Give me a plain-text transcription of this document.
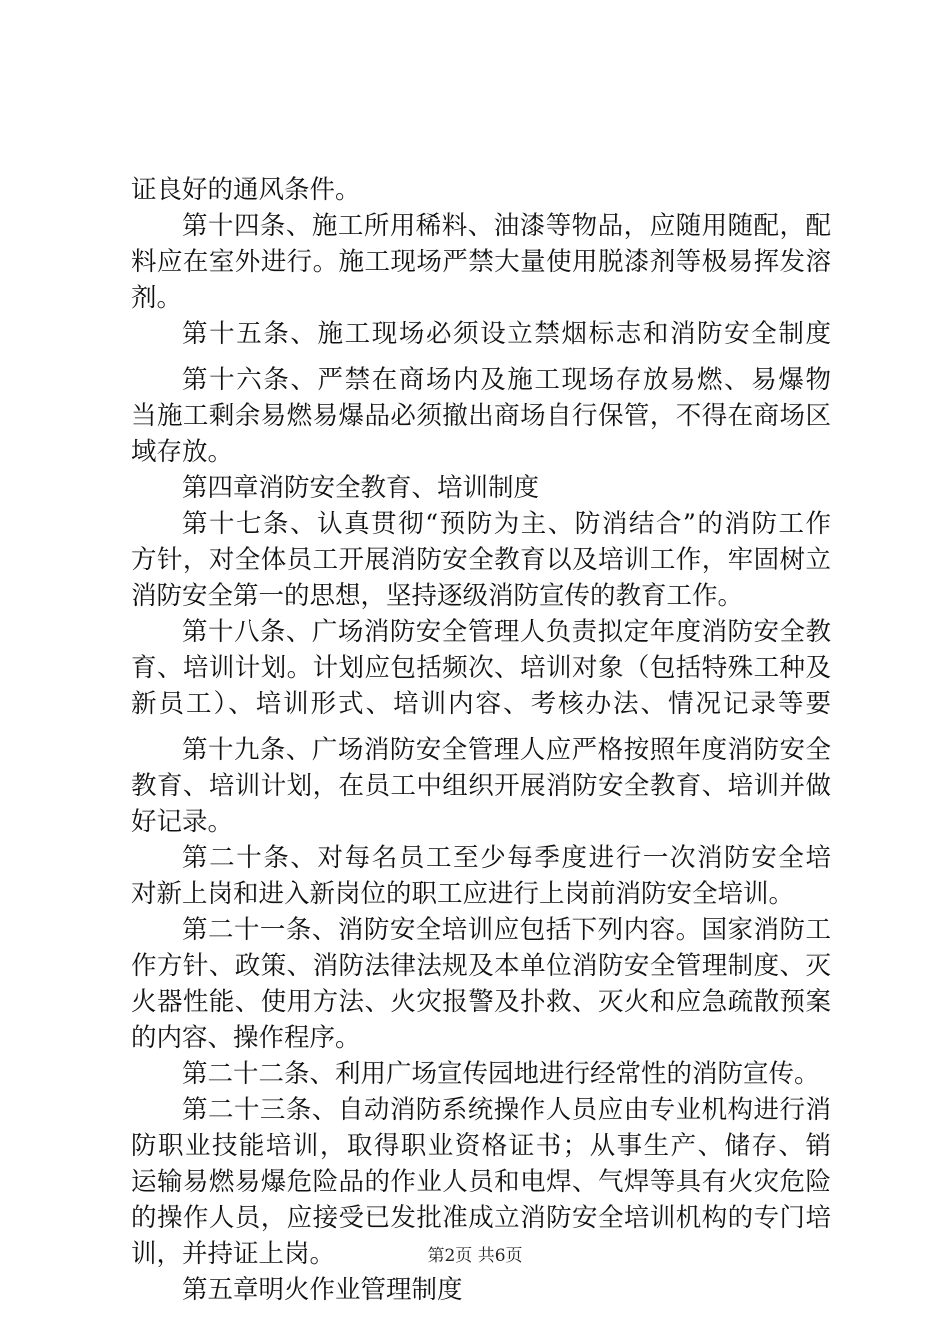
证良好的通风条件。
第十四条、施工所用稀料、油漆等物品，应随用随配，配
料应在室外进行。施工现场严禁大量使用脱漆剂等极易挥发溶
剂。
第十五条、施工现场必须设立禁烟标志和消防安全制度
第十六条、严禁在商场内及施工现场存放易燃、易爆物
当施工剩余易燃易爆品必须撤出商场自行保管，不得在商场区
域存放。
第四章消防安全教育、培训制度
第十七条、认真贯彻“预防为主、防消结合”的消防工作
方针，对全体员工开展消防安全教育以及培训工作，牢固树立
消防安全第一的思想，坚持逐级消防宣传的教育工作。
第十八条、广场消防安全管理人负责拟定年度消防安全教
育、培训计划。计划应包括频次、培训对象（包括特殊工种及
新员工）、培训形式、培训内容、考核办法、情况记录等要
第十九条、广场消防安全管理人应严格按照年度消防安全
教育、培训计划，在员工中组织开展消防安全教育、培训并做
好记录。
第二十条、对每名员工至少每季度进行一次消防安全培
对新上岗和进入新岗位的职工应进行上岗前消防安全培训。
第二十一条、消防安全培训应包括下列内容。国家消防工
作方针、政策、消防法律法规及本单位消防安全管理制度、灭
火器性能、使用方法、火灾报警及扑救、灭火和应急疏散预案
的内容、操作程序。
第二十二条、利用广场宣传园地进行经常性的消防宣传。
第二十三条、自动消防系统操作人员应由专业机构进行消
防职业技能培训，取得职业资格证书；从事生产、储存、销
运输易燃易爆危险品的作业人员和电焊、气焊等具有火灾危险
的操作人员，应接受已发批准成立消防安全培训机构的专门培
训，并持证上岗。
第五章明火作业管理制度
第2页 共6页
